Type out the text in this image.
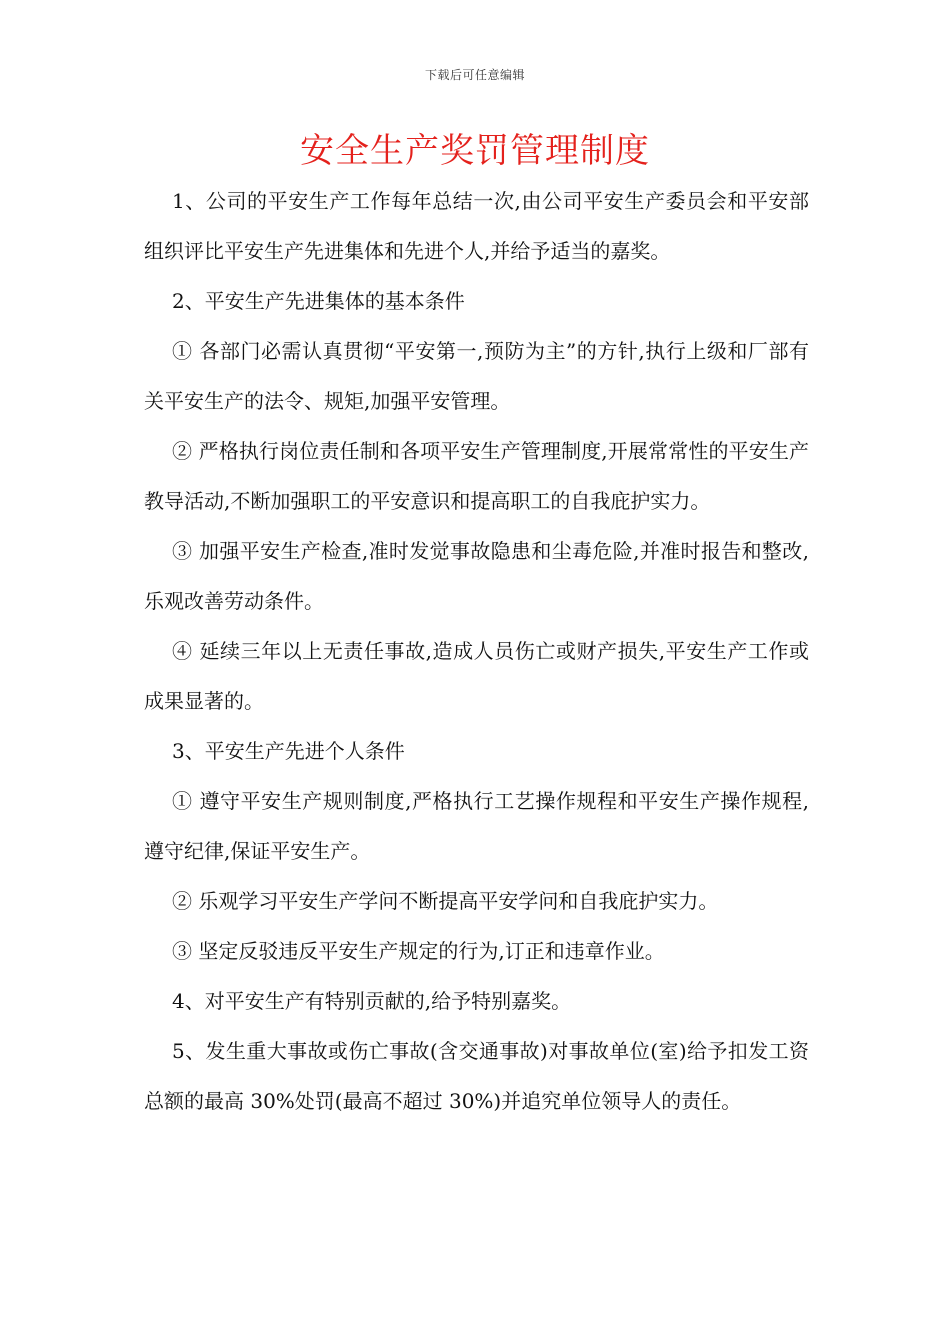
下载后可任意编辑
安全生产奖罚管理制度

1、公司的平安生产工作每年总结一次,由公司平安生产委员会和平安部组织评比平安生产先进集体和先进个人,并给予适当的嘉奖。

2、平安生产先进集体的基本条件

① 各部门必需认真贯彻“平安第一,预防为主”的方针,执行上级和厂部有关平安生产的法令、规矩,加强平安管理。

② 严格执行岗位责任制和各项平安生产管理制度,开展常常性的平安生产教导活动,不断加强职工的平安意识和提高职工的自我庇护实力。

③ 加强平安生产检查,准时发觉事故隐患和尘毒危险,并准时报告和整改,乐观改善劳动条件。

④ 延续三年以上无责任事故,造成人员伤亡或财产损失,平安生产工作或成果显著的。

3、平安生产先进个人条件

① 遵守平安生产规则制度,严格执行工艺操作规程和平安生产操作规程,遵守纪律,保证平安生产。

② 乐观学习平安生产学问不断提高平安学问和自我庇护实力。

③ 坚定反驳违反平安生产规定的行为,订正和违章作业。

4、对平安生产有特别贡献的,给予特别嘉奖。

5、发生重大事故或伤亡事故(含交通事故)对事故单位(室)给予扣发工资总额的最高 30%处罚(最高不超过 30%)并追究单位领导人的责任。
